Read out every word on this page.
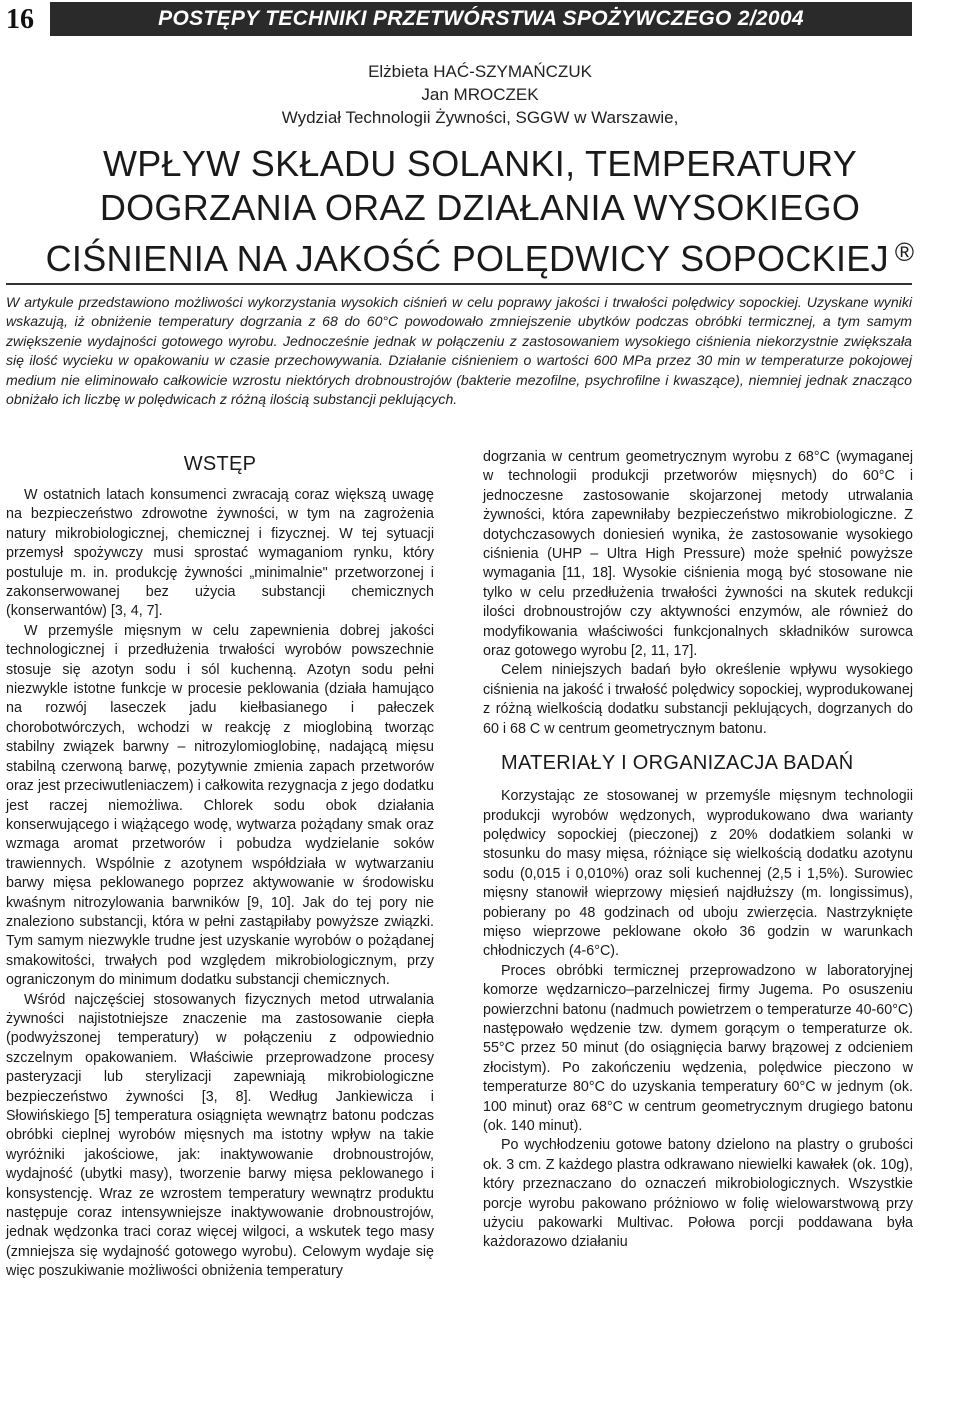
16	POSTĘPY TECHNIKI PRZETWÓRSTWA SPOŻYWCZEGO 2/2004
Elżbieta HAĆ-SZYMAŃCZUK
Jan MROCZEK
Wydział Technologii Żywności, SGGW w Warszawie,
WPŁYW SKŁADU SOLANKI, TEMPERATURY
DOGRZANIA ORAZ DZIAŁANIA WYSOKIEGO
CIŚNIENIA NA JAKOŚĆ POLĘDWICY SOPOCKIEJ ®
W artykule przedstawiono możliwości wykorzystania wysokich ciśnień w celu poprawy jakości i trwałości polędwicy sopockiej. Uzyskane wyniki wskazują, iż obniżenie temperatury dogrzania z 68 do 60°C powodowało zmniejszenie ubytków podczas obróbki termicznej, a tym samym zwiększenie wydajności gotowego wyrobu. Jednocześnie jednak w połączeniu z zastosowaniem wysokiego ciśnienia niekorzystnie zwiększała się ilość wycieku w opakowaniu w czasie przechowywania. Działanie ciśnieniem o wartości 600 MPa przez 30 min w temperaturze pokojowej medium nie eliminowało całkowicie wzrostu niektórych drobnoustrojów (bakterie mezofilne, psychrofilne i kwaszące), niemniej jednak znacząco obniżało ich liczbę w polędwicach z różną ilością substancji peklujących.
WSTĘP

W ostatnich latach konsumenci zwracają coraz większą uwagę na bezpieczeństwo zdrowotne żywności, w tym na zagrożenia natury mikrobiologicznej, chemicznej i fizycznej. W tej sytuacji przemysł spożywczy musi sprostać wymaganiom rynku, który postuluje m. in. produkcję żywności „minimalnie" przetworzonej i zakonserwowanej bez użycia substancji chemicznych (konserwantów) [3, 4, 7].

W przemyśle mięsnym w celu zapewnienia dobrej jakości technologicznej i przedłużenia trwałości wyrobów powszechnie stosuje się azotyn sodu i sól kuchenną. Azotyn sodu pełni niezwykle istotne funkcje w procesie peklowania (działa hamująco na rozwój laseczek jadu kiełbasianego i pałeczek chorobotwórczych, wchodzi w reakcję z mioglobiną tworząc stabilny związek barwny – nitrozylomioglobinę, nadającą mięsu stabilną czerwoną barwę, pozytywnie zmienia zapach przetworów oraz jest przeciwutleniaczem) i całkowita rezygnacja z jego dodatku jest raczej niemożliwa. Chlorek sodu obok działania konserwującego i wiążącego wodę, wytwarza pożądany smak oraz wzmaga aromat przetworów i pobudza wydzielanie soków trawiennych. Wspólnie z azotynem współdziała w wytwarzaniu barwy mięsa peklowanego poprzez aktywowanie w środowisku kwaśnym nitrozylowania barwników [9, 10]. Jak do tej pory nie znaleziono substancji, która w pełni zastąpiłaby powyższe związki. Tym samym niezwykle trudne jest uzyskanie wyrobów o pożądanej smakowitości, trwałych pod względem mikrobiologicznym, przy ograniczonym do minimum dodatku substancji chemicznych.

Wśród najczęściej stosowanych fizycznych metod utrwalania żywności najistotniejsze znaczenie ma zastosowanie ciepła (podwyższonej temperatury) w połączeniu z odpowiednio szczelnym opakowaniem. Właściwie przeprowadzone procesy pasteryzacji lub sterylizacji zapewniają mikrobiologiczne bezpieczeństwo żywności [3, 8]. Według Jankiewicza i Słowińskiego [5] temperatura osiągnięta wewnątrz batonu podczas obróbki cieplnej wyrobów mięsnych ma istotny wpływ na takie wyróżniki jakościowe, jak: inaktywowanie drobnoustrojów, wydajność (ubytki masy), tworzenie barwy mięsa peklowanego i konsystencję. Wraz ze wzrostem temperatury wewnątrz produktu następuje coraz intensywniejsze inaktywowanie drobnoustrojów, jednak wędzonka traci coraz więcej wilgoci, a wskutek tego masy (zmniejsza się wydajność gotowego wyrobu). Celowym wydaje się więc poszukiwanie możliwości obniżenia temperatury

dogrzania w centrum geometrycznym wyrobu z 68°C (wymaganej w technologii produkcji przetworów mięsnych) do 60°C i jednoczesne zastosowanie skojarzonej metody utrwalania żywności, która zapewniłaby bezpieczeństwo mikrobiologiczne. Z dotychczasowych doniesień wynika, że zastosowanie wysokiego ciśnienia (UHP – Ultra High Pressure) może spełnić powyższe wymagania [11, 18]. Wysokie ciśnienia mogą być stosowane nie tylko w celu przedłużenia trwałości żywności na skutek redukcji ilości drobnoustrojów czy aktywności enzymów, ale również do modyfikowania właściwości funkcjonalnych składników surowca oraz gotowego wyrobu [2, 11, 17].

Celem niniejszych badań było określenie wpływu wysokiego ciśnienia na jakość i trwałość polędwicy sopockiej, wyprodukowanej z różną wielkością dodatku substancji peklujących, dogrzanych do 60 i 68 C w centrum geometrycznym batonu.

MATERIAŁY I ORGANIZACJA BADAŃ

Korzystając ze stosowanej w przemyśle mięsnym technologii produkcji wyrobów wędzonych, wyprodukowano dwa warianty polędwicy sopockiej (pieczonej) z 20% dodatkiem solanki w stosunku do masy mięsa, różniące się wielkością dodatku azotynu sodu (0,015 i 0,010%) oraz soli kuchennej (2,5 i 1,5%). Surowiec mięsny stanowił wieprzowy mięsień najdłuższy (m. longissimus), pobierany po 48 godzinach od uboju zwierzęcia. Nastrzyknięte mięso wieprzowe peklowane około 36 godzin w warunkach chłodniczych (4-6°C).

Proces obróbki termicznej przeprowadzono w laboratoryjnej komorze wędzarniczo–parzelniczej firmy Jugema. Po osuszeniu powierzchni batonu (nadmuch powietrzem o temperaturze 40-60°C) następowało wędzenie tzw. dymem gorącym o temperaturze ok. 55°C przez 50 minut (do osiągnięcia barwy brązowej z odcieniem złocistym). Po zakończeniu wędzenia, polędwice pieczono w temperaturze 80°C do uzyskania temperatury 60°C w jednym (ok. 100 minut) oraz 68°C w centrum geometrycznym drugiego batonu (ok. 140 minut).

Po wychłodzeniu gotowe batony dzielono na plastry o grubości ok. 3 cm. Z każdego plastra odkrawano niewielki kawałek (ok. 10g), który przeznaczano do oznaczeń mikrobiologicznych. Wszystkie porcje wyrobu pakowano próżniowo w folię wielowarstwową przy użyciu pakowarki Multivac. Połowa porcji poddawana była każdorazowo działaniu
